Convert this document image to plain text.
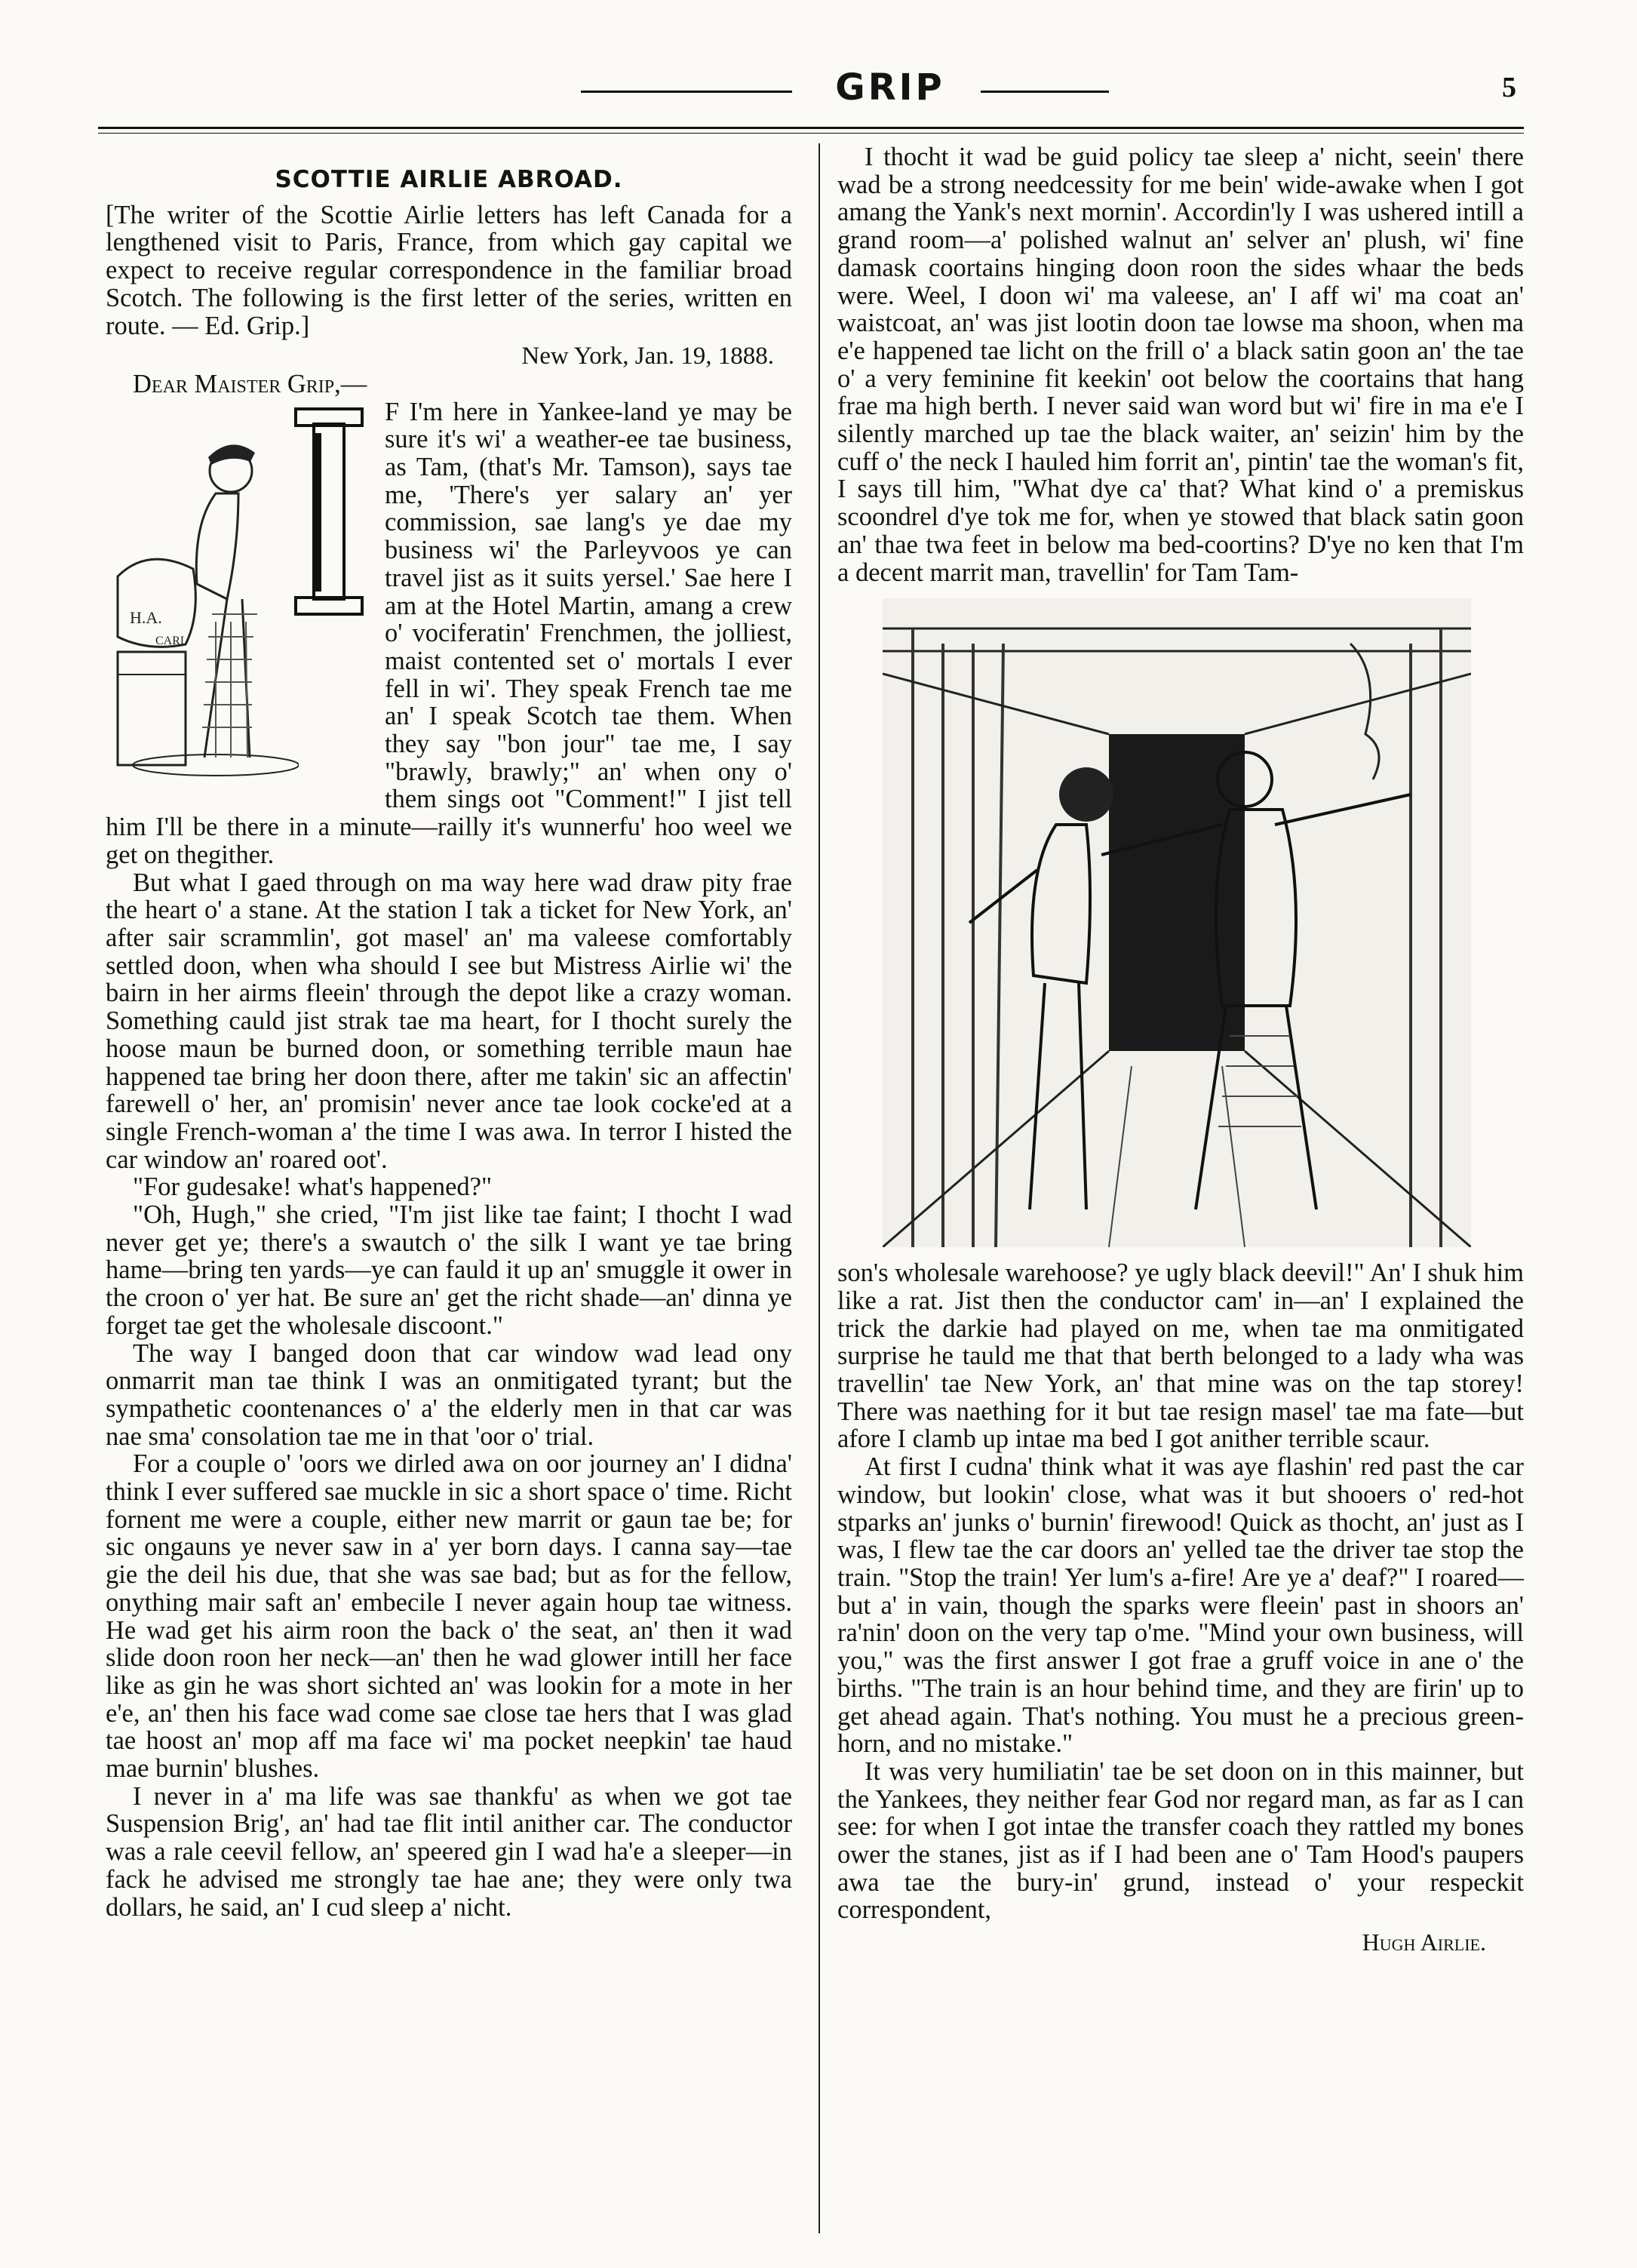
GRIP	5
SCOTTIE AIRLIE ABROAD.

[The writer of the Scottie Airlie letters has left Canada for a lengthened visit to Paris, France, from which gay capital we expect to receive regular correspondence in the familiar broad Scotch. The following is the first letter of the series, written en route. — Ed. Grip.]

New York, Jan. 19, 1888.

Dear Maister Grip,—

H.A.
CARL

F I'm here in Yankee-land ye may be sure it's wi' a weather-ee tae business, as Tam, (that's Mr. Tamson), says tae me, 'There's yer salary an' yer commission, sae lang's ye dae my business wi' the Parleyvoos ye can travel jist as it suits yersel.' Sae here I am at the Hotel Martin, amang a crew o' vociferatin' Frenchmen, the jolliest, maist contented set o' mortals I ever fell in wi'. They speak French tae me an' I speak Scotch tae them. When they say "bon jour" tae me, I say "brawly, brawly;" an' when ony o' them sings oot "Comment!" I jist tell him I'll be there in a minute—railly it's wunnerfu' hoo weel we get on thegither.

But what I gaed through on ma way here wad draw pity frae the heart o' a stane. At the station I tak a ticket for New York, an' after sair scrammlin', got masel' an' ma valeese comfortably settled doon, when wha should I see but Mistress Airlie wi' the bairn in her airms fleein' through the depot like a crazy woman. Something cauld jist strak tae ma heart, for I thocht surely the hoose maun be burned doon, or something terrible maun hae happened tae bring her doon there, after me takin' sic an affectin' farewell o' her, an' promisin' never ance tae look cocke'ed at a single French-woman a' the time I was awa. In terror I histed the car window an' roared oot'.

"For gudesake! what's happened?"

"Oh, Hugh," she cried, "I'm jist like tae faint; I thocht I wad never get ye; there's a swautch o' the silk I want ye tae bring hame—bring ten yards—ye can fauld it up an' smuggle it ower in the croon o' yer hat. Be sure an' get the richt shade—an' dinna ye forget tae get the wholesale discoont."

The way I banged doon that car window wad lead ony onmarrit man tae think I was an onmitigated tyrant; but the sympathetic coontenances o' a' the elderly men in that car was nae sma' consolation tae me in that 'oor o' trial.

For a couple o' 'oors we dirled awa on oor journey an' I didna' think I ever suffered sae muckle in sic a short space o' time. Richt fornent me were a couple, either new marrit or gaun tae be; for sic ongauns ye never saw in a' yer born days. I canna say—tae gie the deil his due, that she was sae bad; but as for the fellow, onything mair saft an' embecile I never again houp tae witness. He wad get his airm roon the back o' the seat, an' then it wad slide doon roon her neck—an' then he wad glower intill her face like as gin he was short sichted an' was lookin for a mote in her e'e, an' then his face wad come sae close tae hers that I was glad tae hoost an' mop aff ma face wi' ma pocket neepkin' tae haud mae burnin' blushes.

I never in a' ma life was sae thankfu' as when we got tae Suspension Brig', an' had tae flit intil anither car. The conductor was a rale ceevil fellow, an' speered gin I wad ha'e a sleeper—in fack he advised me strongly tae hae ane; they were only twa dollars, he said, an' I cud sleep a' nicht.

I thocht it wad be guid policy tae sleep a' nicht, seein' there wad be a strong needcessity for me bein' wide-awake when I got amang the Yank's next mornin'. Accordin'ly I was ushered intill a grand room—a' polished walnut an' selver an' plush, wi' fine damask coortains hinging doon roon the sides whaar the beds were. Weel, I doon wi' ma valeese, an' I aff wi' ma coat an' waistcoat, an' was jist lootin doon tae lowse ma shoon, when ma e'e happened tae licht on the frill o' a black satin goon an' the tae o' a very feminine fit keekin' oot below the coortains that hang frae ma high berth. I never said wan word but wi' fire in ma e'e I silently marched up tae the black waiter, an' seizin' him by the cuff o' the neck I hauled him forrit an', pintin' tae the woman's fit, I says till him, "What dye ca' that? What kind o' a premiskus scoondrel d'ye tok me for, when ye stowed that black satin goon an' thae twa feet in below ma bed-coortins? D'ye no ken that I'm a decent marrit man, travellin' for Tam Tam-

son's wholesale warehoose? ye ugly black deevil!" An' I shuk him like a rat. Jist then the conductor cam' in—an' I explained the trick the darkie had played on me, when tae ma onmitigated surprise he tauld me that that berth belonged to a lady wha was travellin' tae New York, an' that mine was on the tap storey! There was naething for it but tae resign masel' tae ma fate—but afore I clamb up intae ma bed I got anither terrible scaur.

At first I cudna' think what it was aye flashin' red past the car window, but lookin' close, what was it but shooers o' red-hot stparks an' junks o' burnin' firewood! Quick as thocht, an' just as I was, I flew tae the car doors an' yelled tae the driver tae stop the train. "Stop the train! Yer lum's a-fire! Are ye a' deaf?" I roared—but a' in vain, though the sparks were fleein' past in shoors an' ra'nin' doon on the very tap o'me. "Mind your own business, will you," was the first answer I got frae a gruff voice in ane o' the births. "The train is an hour behind time, and they are firin' up to get ahead again. That's nothing. You must he a precious green-horn, and no mistake."

It was very humiliatin' tae be set doon on in this mainner, but the Yankees, they neither fear God nor regard man, as far as I can see: for when I got intae the transfer coach they rattled my bones ower the stanes, jist as if I had been ane o' Tam Hood's paupers awa tae the bury-in' grund, instead o' your respeckit correspondent,

Hugh Airlie.
